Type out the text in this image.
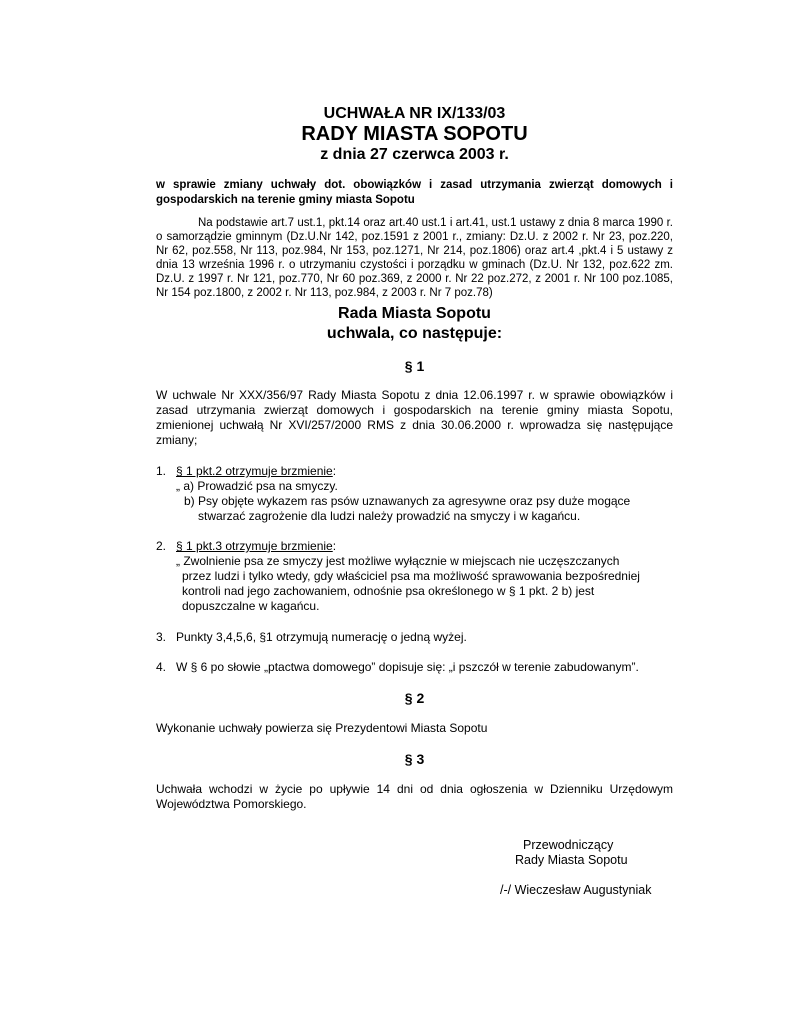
UCHWAŁA NR IX/133/03
RADY MIASTA SOPOTU
z dnia 27 czerwca 2003 r.
w sprawie zmiany uchwały dot. obowiązków i zasad utrzymania zwierząt domowych i gospodarskich na terenie gminy miasta Sopotu
Na podstawie art.7 ust.1, pkt.14 oraz art.40 ust.1 i art.41, ust.1 ustawy z dnia 8 marca 1990 r. o samorządzie gminnym (Dz.U.Nr 142, poz.1591 z 2001 r., zmiany: Dz.U. z 2002 r. Nr 23, poz.220, Nr 62, poz.558, Nr 113, poz.984, Nr 153, poz.1271, Nr 214, poz.1806) oraz art.4 ,pkt.4 i 5 ustawy z dnia 13 września 1996 r. o utrzymaniu czystości i porządku w gminach (Dz.U. Nr 132, poz.622 zm. Dz.U. z 1997 r. Nr 121, poz.770, Nr 60 poz.369, z 2000 r. Nr 22 poz.272, z 2001 r. Nr 100 poz.1085, Nr 154 poz.1800, z 2002 r. Nr 113, poz.984, z 2003 r. Nr 7 poz.78)
Rada Miasta Sopotu
uchwala, co następuje:
§ 1
W uchwale Nr XXX/356/97 Rady Miasta Sopotu z dnia 12.06.1997 r. w sprawie obowiązków i zasad utrzymania zwierząt domowych i gospodarskich na terenie gminy miasta Sopotu, zmienionej uchwałą Nr XVI/257/2000 RMS z dnia 30.06.2000 r. wprowadza się następujące zmiany;
1. § 1 pkt.2 otrzymuje brzmienie:
„ a) Prowadzić psa na smyczy.
b) Psy objęte wykazem ras psów uznawanych za agresywne oraz psy duże mogące
stwarzać zagrożenie dla ludzi należy prowadzić na smyczy i w kagańcu.
2. § 1 pkt.3 otrzymuje brzmienie:
„ Zwolnienie psa ze smyczy jest możliwe wyłącznie w miejscach nie uczęszczanych
przez ludzi i tylko wtedy, gdy właściciel psa ma możliwość sprawowania bezpośredniej
kontroli nad jego zachowaniem, odnośnie psa określonego w § 1 pkt. 2 b) jest
dopuszczalne w kagańcu.
3. Punkty 3,4,5,6, §1 otrzymują numerację o jedną wyżej.
4. W § 6 po słowie „ptactwa domowego” dopisuje się: „i pszczół w terenie zabudowanym”.
§ 2
Wykonanie uchwały powierza się Prezydentowi Miasta Sopotu
§ 3
Uchwała wchodzi w życie po upływie 14 dni od dnia ogłoszenia w Dzienniku Urzędowym Województwa Pomorskiego.
Przewodniczący
Rady Miasta Sopotu
/-/ Wieczesław Augustyniak
